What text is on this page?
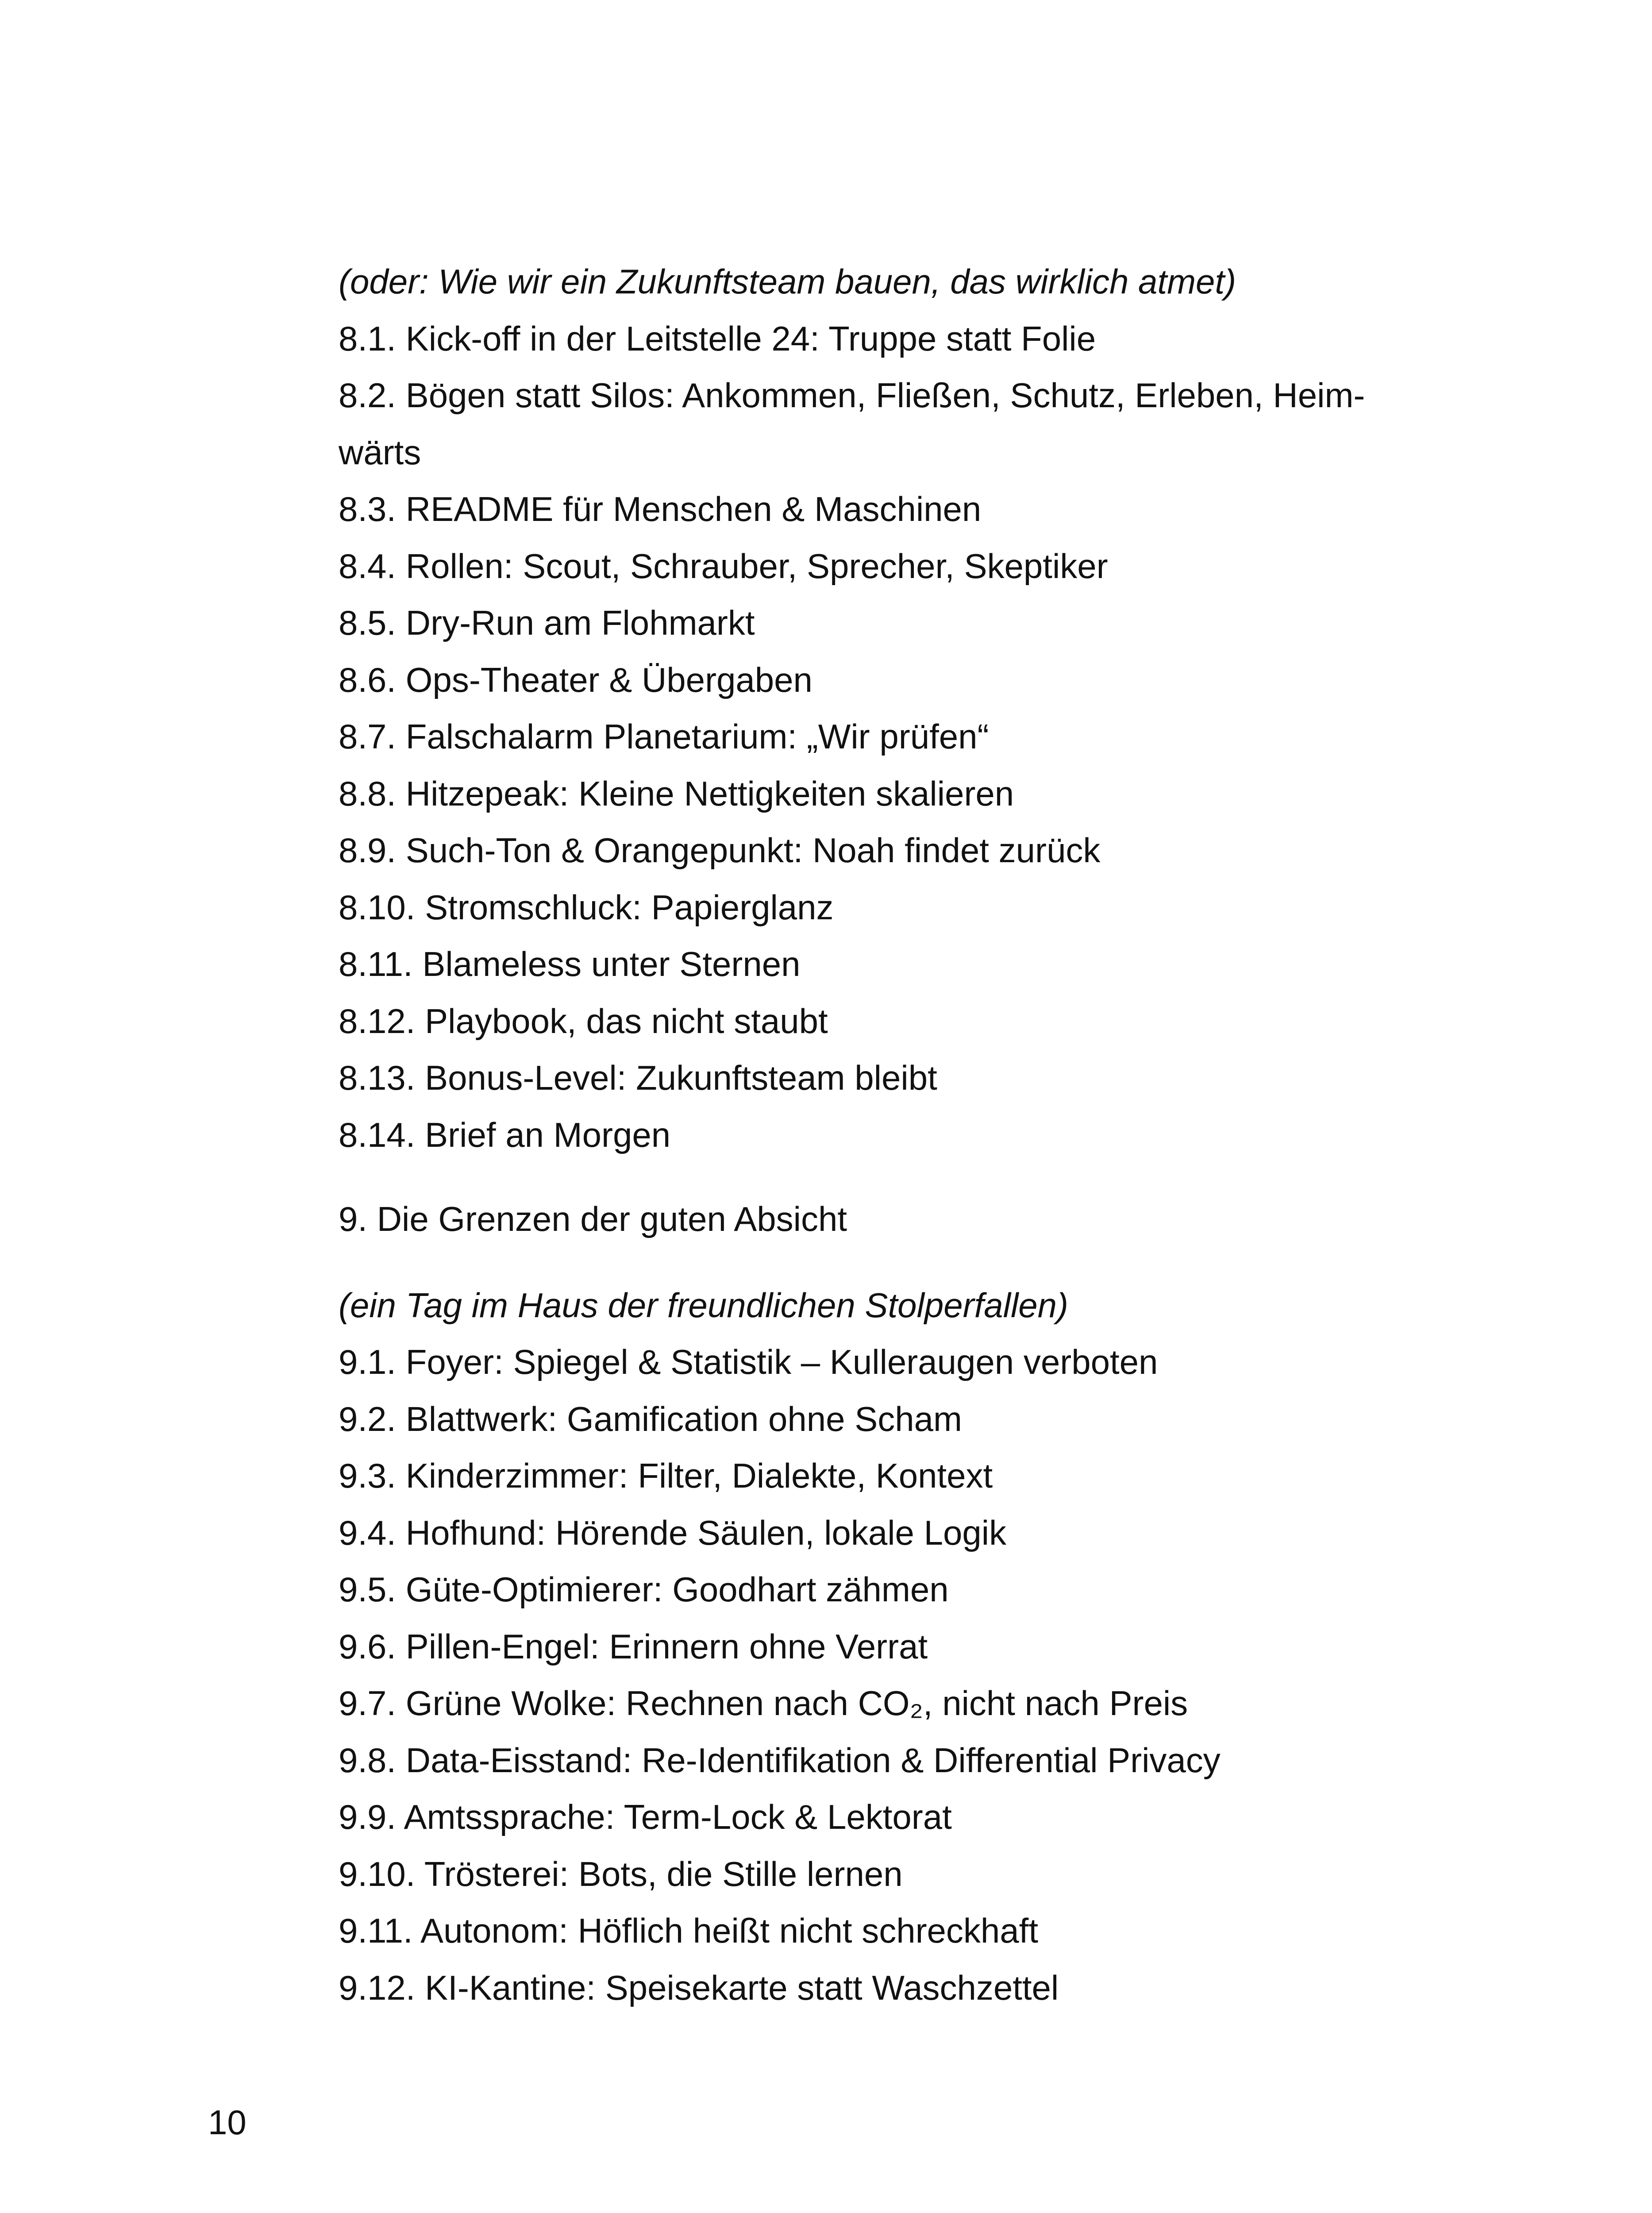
(oder: Wie wir ein Zukunftsteam bauen, das wirklich atmet)
8.1. Kick-off in der Leitstelle 24: Truppe statt Folie
8.2. Bögen statt Silos: Ankommen, Fließen, Schutz, Erleben, Heim-
wärts
8.3. README für Menschen & Maschinen
8.4. Rollen: Scout, Schrauber, Sprecher, Skeptiker
8.5. Dry-Run am Flohmarkt
8.6. Ops-Theater & Übergaben
8.7. Falschalarm Planetarium: „Wir prüfen“
8.8. Hitzepeak: Kleine Nettigkeiten skalieren
8.9. Such-Ton & Orangepunkt: Noah findet zurück
8.10. Stromschluck: Papierglanz
8.11. Blameless unter Sternen
8.12. Playbook, das nicht staubt
8.13. Bonus-Level: Zukunftsteam bleibt
8.14. Brief an Morgen
9. Die Grenzen der guten Absicht
(ein Tag im Haus der freundlichen Stolperfallen)
9.1. Foyer: Spiegel & Statistik – Kulleraugen verboten
9.2. Blattwerk: Gamification ohne Scham
9.3. Kinderzimmer: Filter, Dialekte, Kontext
9.4. Hofhund: Hörende Säulen, lokale Logik
9.5. Güte-Optimierer: Goodhart zähmen
9.6. Pillen-Engel: Erinnern ohne Verrat
9.7. Grüne Wolke: Rechnen nach CO₂, nicht nach Preis
9.8. Data-Eisstand: Re-Identifikation & Differential Privacy
9.9. Amtssprache: Term-Lock & Lektorat
9.10. Trösterei: Bots, die Stille lernen
9.11. Autonom: Höflich heißt nicht schreckhaft
9.12. KI-Kantine: Speisekarte statt Waschzettel
10
